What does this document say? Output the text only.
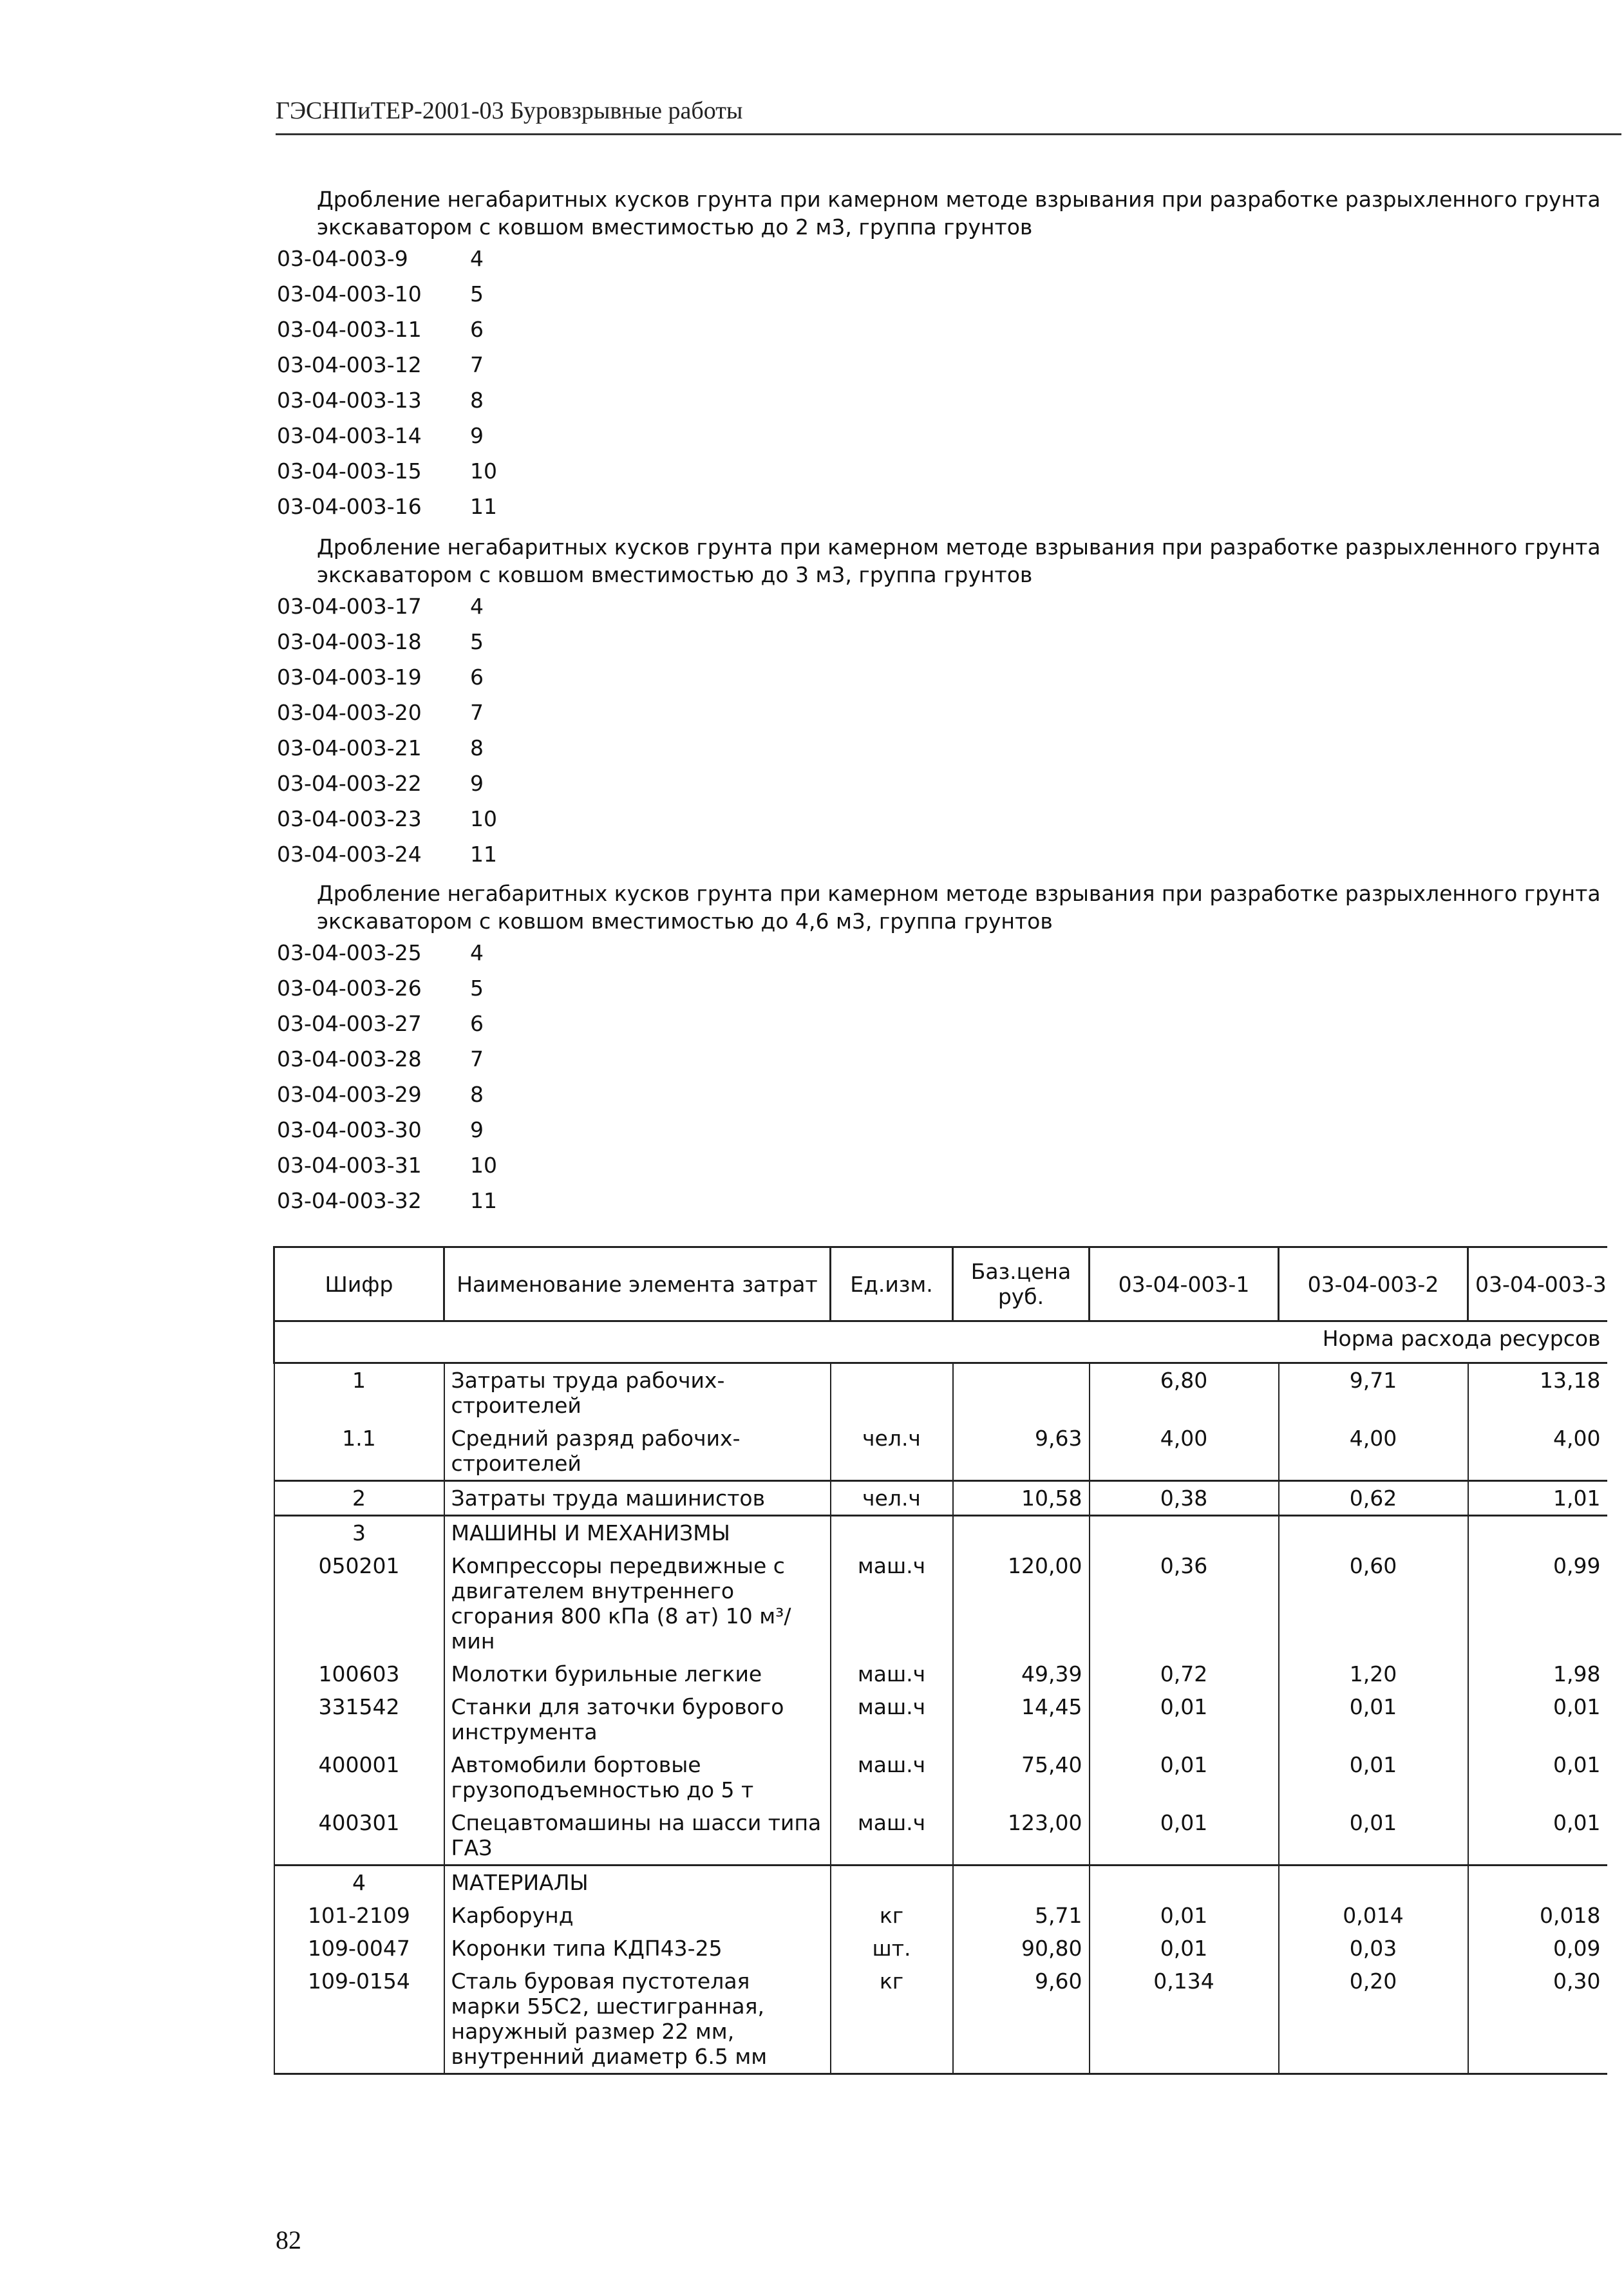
ГЭСНПиТЕР-2001-03 Буровзрывные работы
Дробление негабаритных кусков грунта при камерном методе взрывания при разработке разрыхленного грунта
экскаватором с ковшом вместимостью до 2 м3, группа грунтов
03-04-003-9	4
03-04-003-10	5
03-04-003-11	6
03-04-003-12	7
03-04-003-13	8
03-04-003-14	9
03-04-003-15	10
03-04-003-16	11
Дробление негабаритных кусков грунта при камерном методе взрывания при разработке разрыхленного грунта
экскаватором с ковшом вместимостью до 3 м3, группа грунтов
03-04-003-17	4
03-04-003-18	5
03-04-003-19	6
03-04-003-20	7
03-04-003-21	8
03-04-003-22	9
03-04-003-23	10
03-04-003-24	11
Дробление негабаритных кусков грунта при камерном методе взрывания при разработке разрыхленного грунта
экскаватором с ковшом вместимостью до 4,6 м3, группа грунтов
03-04-003-25	4
03-04-003-26	5
03-04-003-27	6
03-04-003-28	7
03-04-003-29	8
03-04-003-30	9
03-04-003-31	10
03-04-003-32	11
Шифр	Наименование элемента затрат	Ед.изм.	Баз.цена руб.	03-04-003-1	03-04-003-2	03-04-003-3
Норма расхода ресурсов						
1	Затраты труда рабочих-строителей			6,80	9,71	13,18
1.1	Средний разряд рабочих-строителей	чел.ч	9,63	4,00	4,00	4,00
2	Затраты труда машинистов	чел.ч	10,58	0,38	0,62	1,01
3	МАШИНЫ И МЕХАНИЗМЫ					
050201	Компрессоры передвижные с двигателем внутреннего сгорания 800 кПа (8 ат) 10 м³/мин	маш.ч	120,00	0,36	0,60	0,99
100603	Молотки бурильные легкие	маш.ч	49,39	0,72	1,20	1,98
331542	Станки для заточки бурового инструмента	маш.ч	14,45	0,01	0,01	0,01
400001	Автомобили бортовые грузоподъемностью до 5 т	маш.ч	75,40	0,01	0,01	0,01
400301	Спецавтомашины на шасси типа ГАЗ	маш.ч	123,00	0,01	0,01	0,01
4	МАТЕРИАЛЫ					
101-2109	Карборунд	кг	5,71	0,01	0,014	0,018
109-0047	Коронки типа КДП43-25	шт.	90,80	0,01	0,03	0,09
109-0154	Сталь буровая пустотелая марки 55С2, шестигранная, наружный размер 22 мм, внутренний диаметр 6.5 мм	кг	9,60	0,134	0,20	0,30
82
